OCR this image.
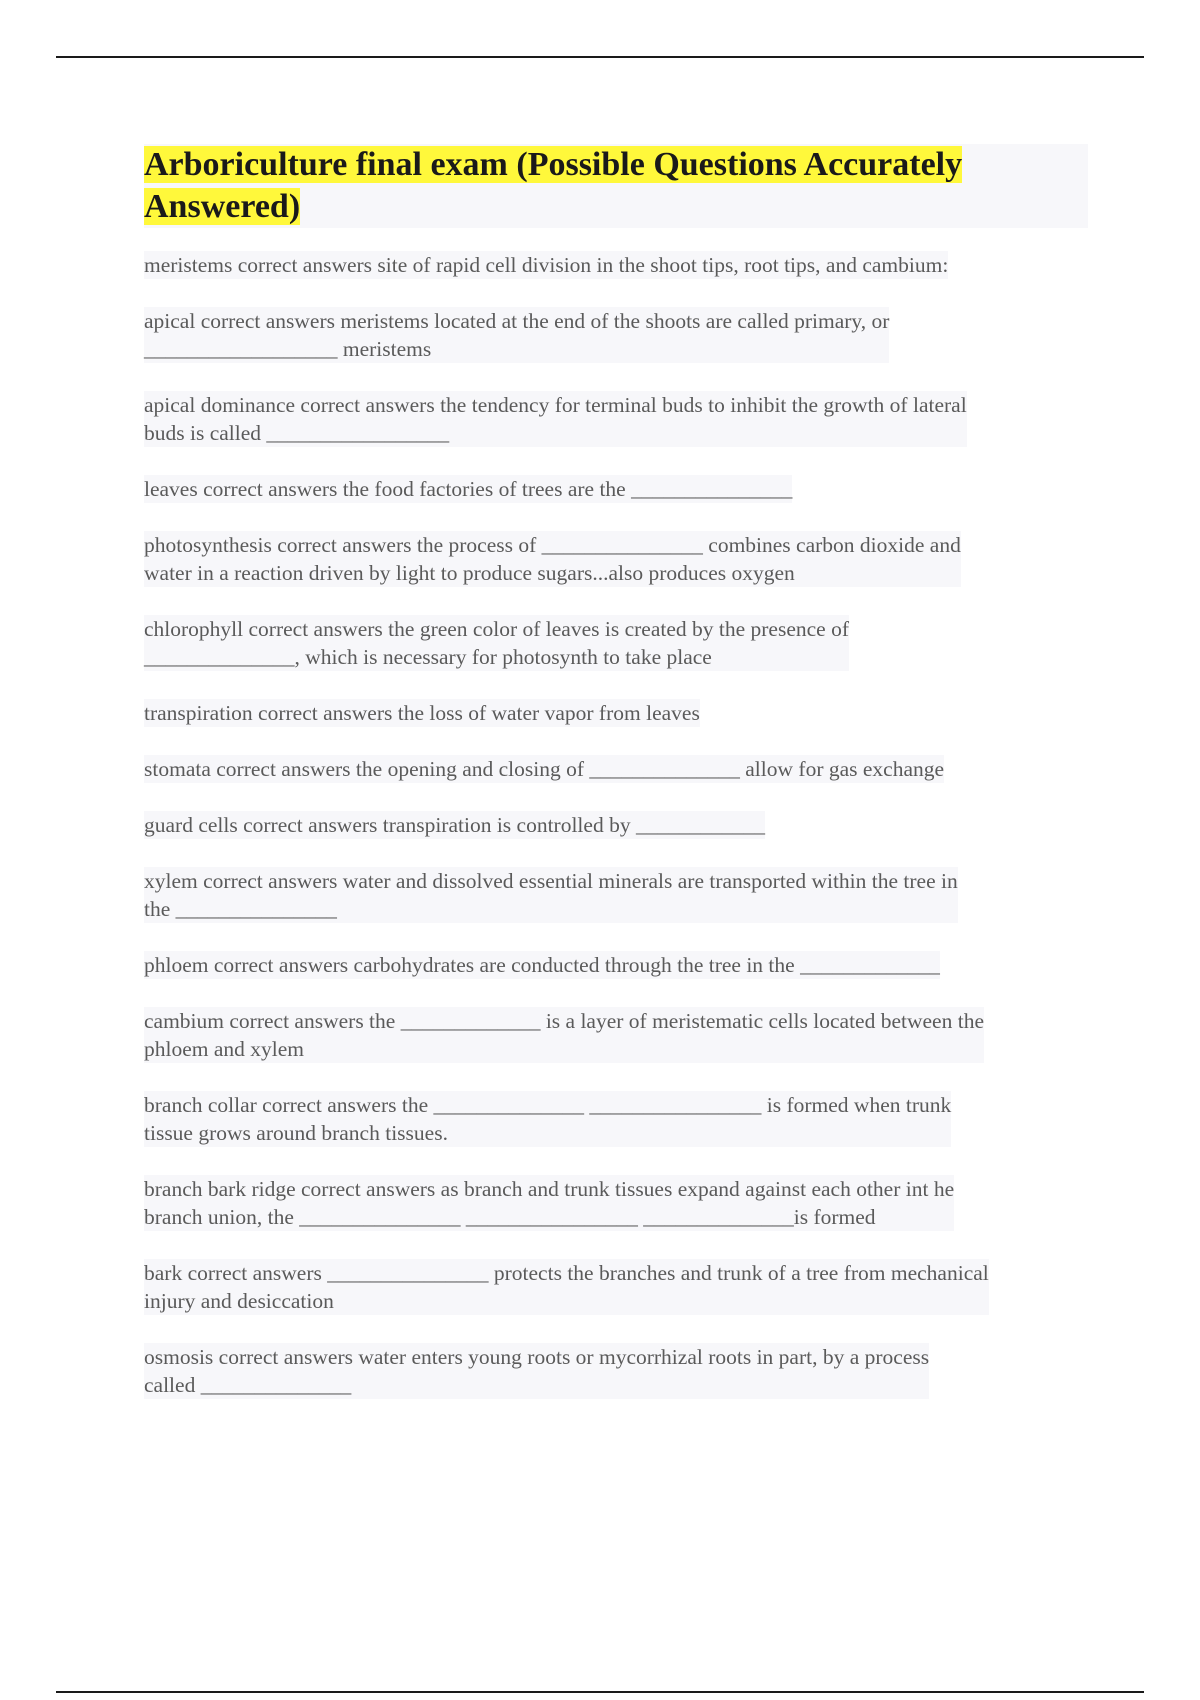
Arboriculture final exam (Possible Questions Accurately
Answered)
meristems correct answers site of rapid cell division in the shoot tips, root tips, and cambium:
apical correct answers meristems located at the end of the shoots are called primary, or
__________________ meristems
apical dominance correct answers the tendency for terminal buds to inhibit the growth of lateral
buds is called _________________
leaves correct answers the food factories of trees are the _______________
photosynthesis correct answers the process of _______________ combines carbon dioxide and
water in a reaction driven by light to produce sugars...also produces oxygen
chlorophyll correct answers the green color of leaves is created by the presence of
______________, which is necessary for photosynth to take place
transpiration correct answers the loss of water vapor from leaves
stomata correct answers the opening and closing of ______________ allow for gas exchange
guard cells correct answers transpiration is controlled by ____________
xylem correct answers water and dissolved essential minerals are transported within the tree in
the _______________
phloem correct answers carbohydrates are conducted through the tree in the _____________
cambium correct answers the _____________ is a layer of meristematic cells located between the
phloem and xylem
branch collar correct answers the ______________ ________________ is formed when trunk
tissue grows around branch tissues.
branch bark ridge correct answers as branch and trunk tissues expand against each other int he
branch union, the _______________ ________________ ______________is formed
bark correct answers _______________ protects the branches and trunk of a tree from mechanical
injury and desiccation
osmosis correct answers water enters young roots or mycorrhizal roots in part, by a process
called ______________
